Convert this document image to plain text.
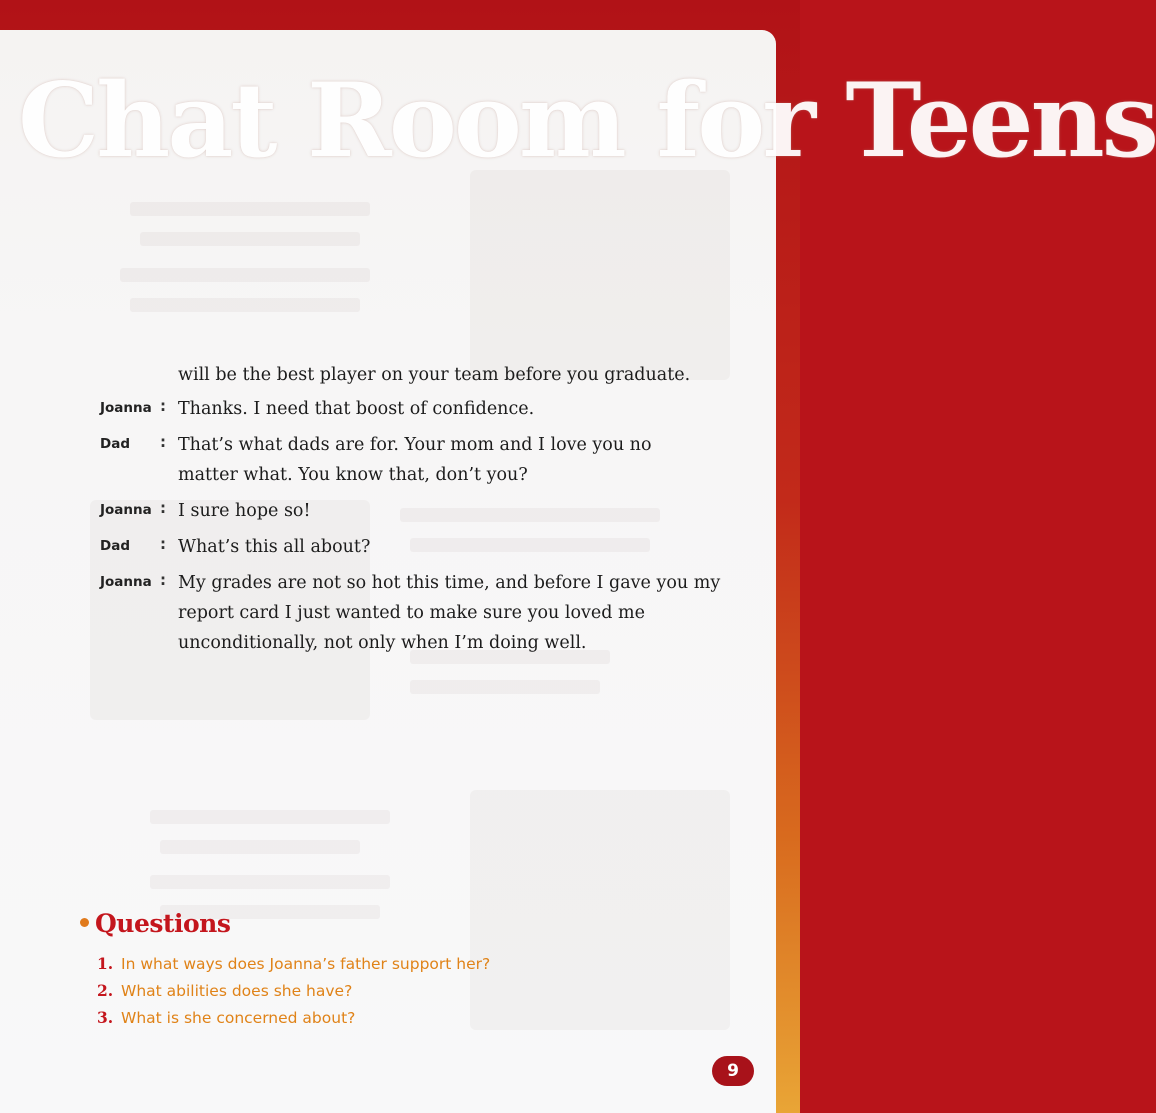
Chat Room for Teens
will be the best player on your team before you graduate.
Joanna : Thanks. I need that boost of confidence.
Dad	: That’s what dads are for. Your mom and I love you no
matter what. You know that, don’t you?
Joanna : I sure hope so!
Dad	: What’s this all about?
Joanna : My grades are not so hot this time, and before I gave you my
report card I just wanted to make sure you loved me
unconditionally, not only when I’m doing well.
Questions
1. In what ways does Joanna’s father support her?
2. What abilities does she have?
3. What is she concerned about?
9
